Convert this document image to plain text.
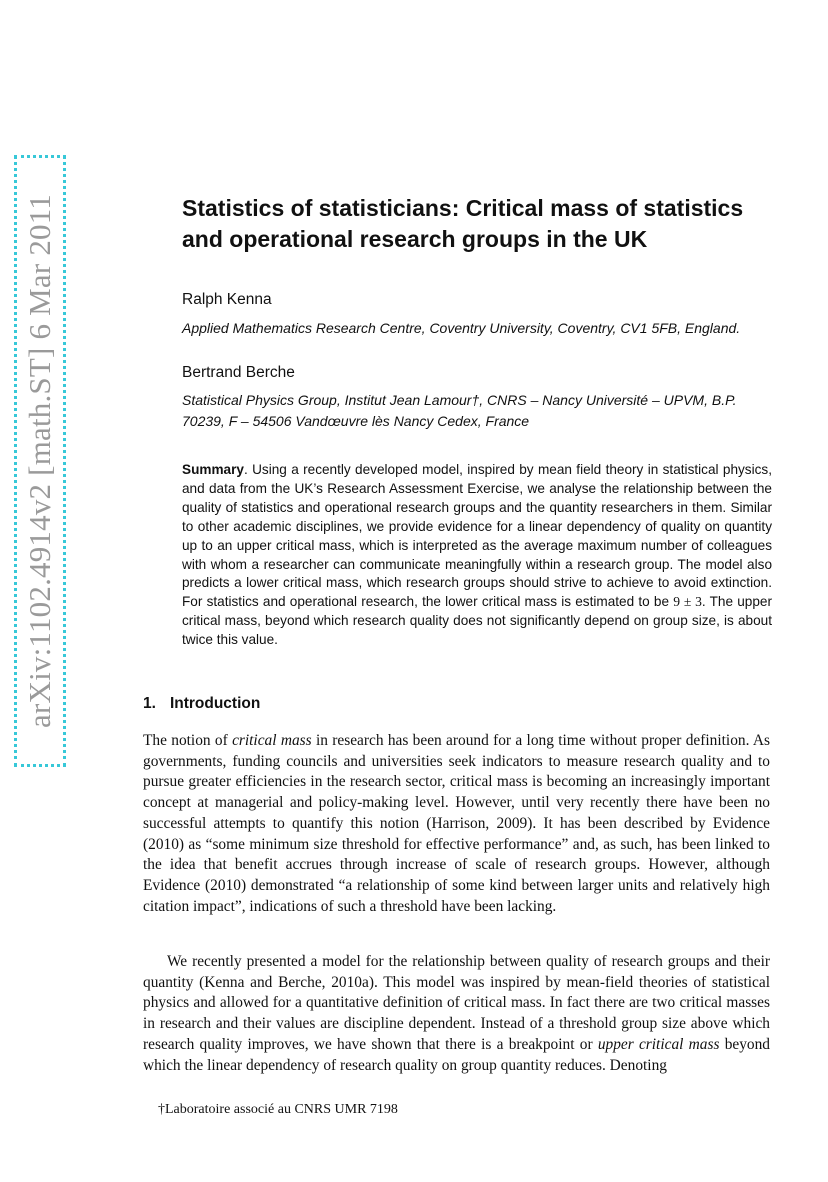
arXiv:1102.4914v2 [math.ST] 6 Mar 2011	Statistics of statisticians: Critical mass of statistics and operational research groups in the UK

Ralph Kenna

Applied Mathematics Research Centre, Coventry University, Coventry, CV1 5FB, England.

Bertrand Berche

Statistical Physics Group, Institut Jean Lamour†, CNRS – Nancy Université – UPVM, B.P. 70239, F – 54506 Vandœuvre lès Nancy Cedex, France

Summary. Using a recently developed model, inspired by mean field theory in statistical physics, and data from the UK’s Research Assessment Exercise, we analyse the relationship between the quality of statistics and operational research groups and the quantity researchers in them. Similar to other academic disciplines, we provide evidence for a linear dependency of quality on quantity up to an upper critical mass, which is interpreted as the average maximum number of colleagues with whom a researcher can communicate meaningfully within a research group. The model also predicts a lower critical mass, which research groups should strive to achieve to avoid extinction. For statistics and operational research, the lower critical mass is estimated to be 9 ± 3. The upper critical mass, beyond which research quality does not significantly depend on group size, is about twice this value.

1. Introduction

The notion of critical mass in research has been around for a long time without proper definition. As governments, funding councils and universities seek indicators to measure research quality and to pursue greater efficiencies in the research sector, critical mass is becoming an increasingly important concept at managerial and policy-making level. However, until very recently there have been no successful attempts to quantify this notion (Harrison, 2009). It has been described by Evidence (2010) as “some minimum size threshold for effective performance” and, as such, has been linked to the idea that benefit accrues through increase of scale of research groups. However, although Evidence (2010) demonstrated “a relationship of some kind between larger units and relatively high citation impact”, indications of such a threshold have been lacking.

We recently presented a model for the relationship between quality of research groups and their quantity (Kenna and Berche, 2010a). This model was inspired by mean-field theories of statistical physics and allowed for a quantitative definition of critical mass. In fact there are two critical masses in research and their values are discipline dependent. Instead of a threshold group size above which research quality improves, we have shown that there is a breakpoint or upper critical mass beyond which the linear dependency of research quality on group quantity reduces. Denoting

†Laboratoire associé au CNRS UMR 7198
